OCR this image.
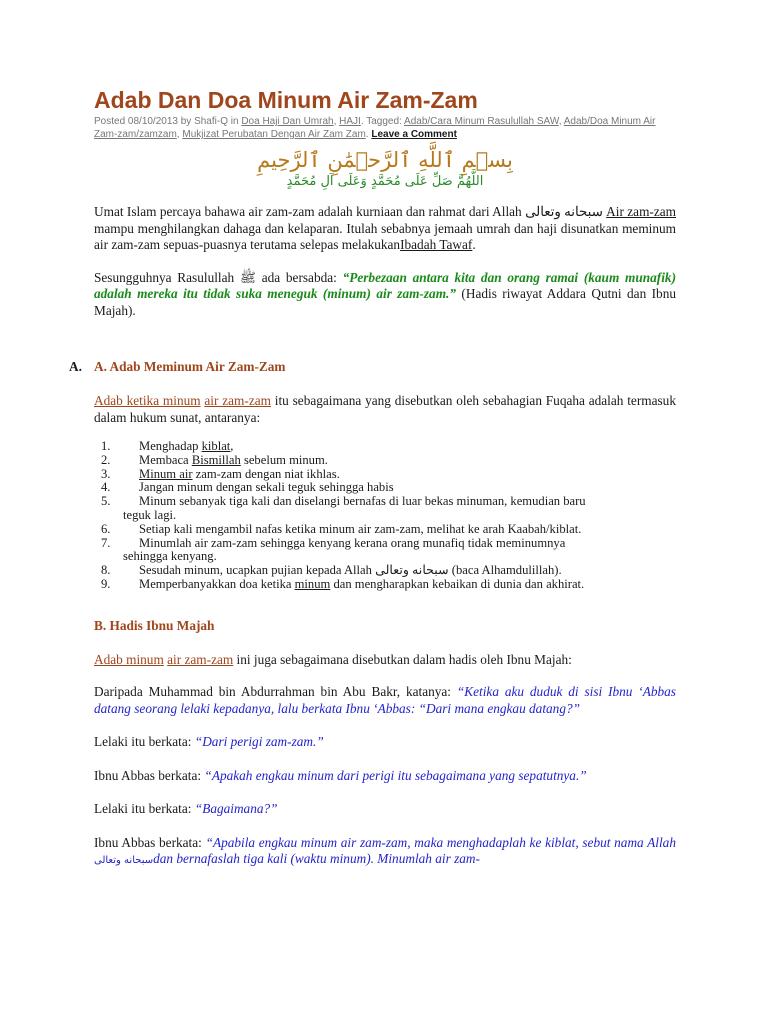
Adab Dan Doa Minum Air Zam-Zam
Posted 08/10/2013 by Shafi-Q in Doa Haji Dan Umrah, HAJI. Tagged: Adab/Cara Minum Rasulullah SAW, Adab/Doa Minum Air Zam-zam/zamzam, Mukjizat Perubatan Dengan Air Zam Zam. Leave a Comment
بِسۡمِ ٱللَّهِ ٱلرَّحۡمَٰنِ ٱلرَّحِيمِ
اللَّهُمَّ صَلِّ عَلَى مُحَمَّدٍ وَعَلَى آلِ مُحَمَّدٍ

Umat Islam percaya bahawa air zam-zam adalah kurniaan dan rahmat dari Allah سبحانه وتعالى Air zam-zam mampu menghilangkan dahaga dan kelaparan. Itulah sebabnya jemaah umrah dan haji disunatkan meminum air zam-zam sepuas-puasnya terutama selepas melakukanIbadah Tawaf.

Sesungguhnya Rasulullah ﷺ ada bersabda: “Perbezaan antara kita dan orang ramai (kaum munafik) adalah mereka itu tidak suka meneguk (minum) air zam-zam.” (Hadis riwayat Addara Qutni dan Ibnu Majah).

A. A. Adab Meminum Air Zam-Zam

Adab ketika minum air zam-zam itu sebagaimana yang disebutkan oleh sebahagian Fuqaha adalah termasuk dalam hukum sunat, antaranya:

1. Menghadap kiblat,
2. Membaca Bismillah sebelum minum.
3. Minum air zam-zam dengan niat ikhlas.
4. Jangan minum dengan sekali teguk sehingga habis
5. Minum sebanyak tiga kali dan diselangi bernafas di luar bekas minuman, kemudian baru
teguk lagi.
6. Setiap kali mengambil nafas ketika minum air zam-zam, melihat ke arah Kaabah/kiblat.
7. Minumlah air zam-zam sehingga kenyang kerana orang munafiq tidak meminumnya
sehingga kenyang.
8. Sesudah minum, ucapkan pujian kepada Allah سبحانه وتعالى (baca Alhamdulillah).
9. Memperbanyakkan doa ketika minum dan mengharapkan kebaikan di dunia dan akhirat.
B. Hadis Ibnu Majah

Adab minum air zam-zam ini juga sebagaimana disebutkan dalam hadis oleh Ibnu Majah:

Daripada Muhammad bin Abdurrahman bin Abu Bakr, katanya: “Ketika aku duduk di sisi Ibnu ‘Abbas datang seorang lelaki kepadanya, lalu berkata Ibnu ‘Abbas: “Dari mana engkau datang?”

Lelaki itu berkata: “Dari perigi zam-zam.”

Ibnu Abbas berkata: “Apakah engkau minum dari perigi itu sebagaimana yang sepatutnya.”

Lelaki itu berkata: “Bagaimana?”

Ibnu Abbas berkata: “Apabila engkau minum air zam-zam, maka menghadaplah ke kiblat, sebut nama Allah سبحانه وتعالىdan bernafaslah tiga kali (waktu minum). Minumlah air zam-
